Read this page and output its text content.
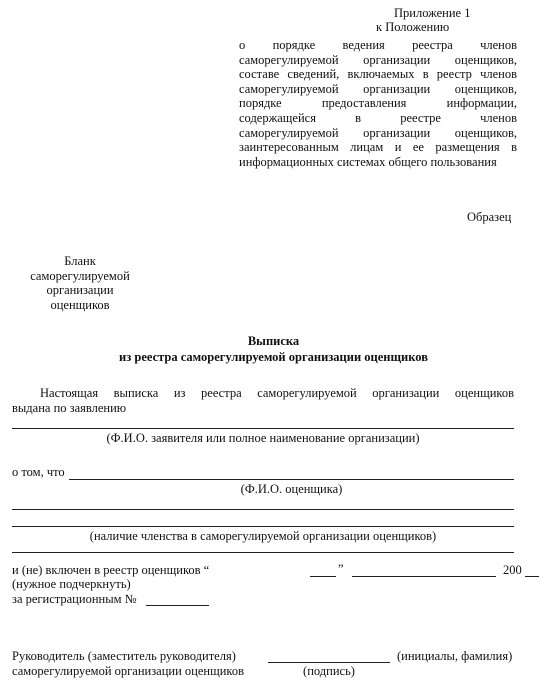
Приложение 1
к Положению
о порядке ведения реестра членов
саморегулируемой организации оценщиков,
составе сведений, включаемых в реестр членов
саморегулируемой организации оценщиков,
порядке предоставления информации,
содержащейся в реестре членов
саморегулируемой организации оценщиков,
заинтересованным лицам и ее размещения в
информационных системах общего пользования
Образец
Бланк
саморегулируемой
организации
оценщиков
Выписка
из реестра саморегулируемой организации оценщиков
Настоящая выписка из реестра саморегулируемой организации оценщиков
выдана по заявлению
(Ф.И.О. заявителя или полное наименование организации)
о том, что
(Ф.И.О. оценщика)
(наличие членства в саморегулируемой организации оценщиков)
и (не) включен в реестр оценщиков “	”	200
(нужное подчеркнуть)
за регистрационным №
Руководитель (заместитель руководителя)
саморегулируемой организации оценщиков	(подпись)
(инициалы, фамилия)
